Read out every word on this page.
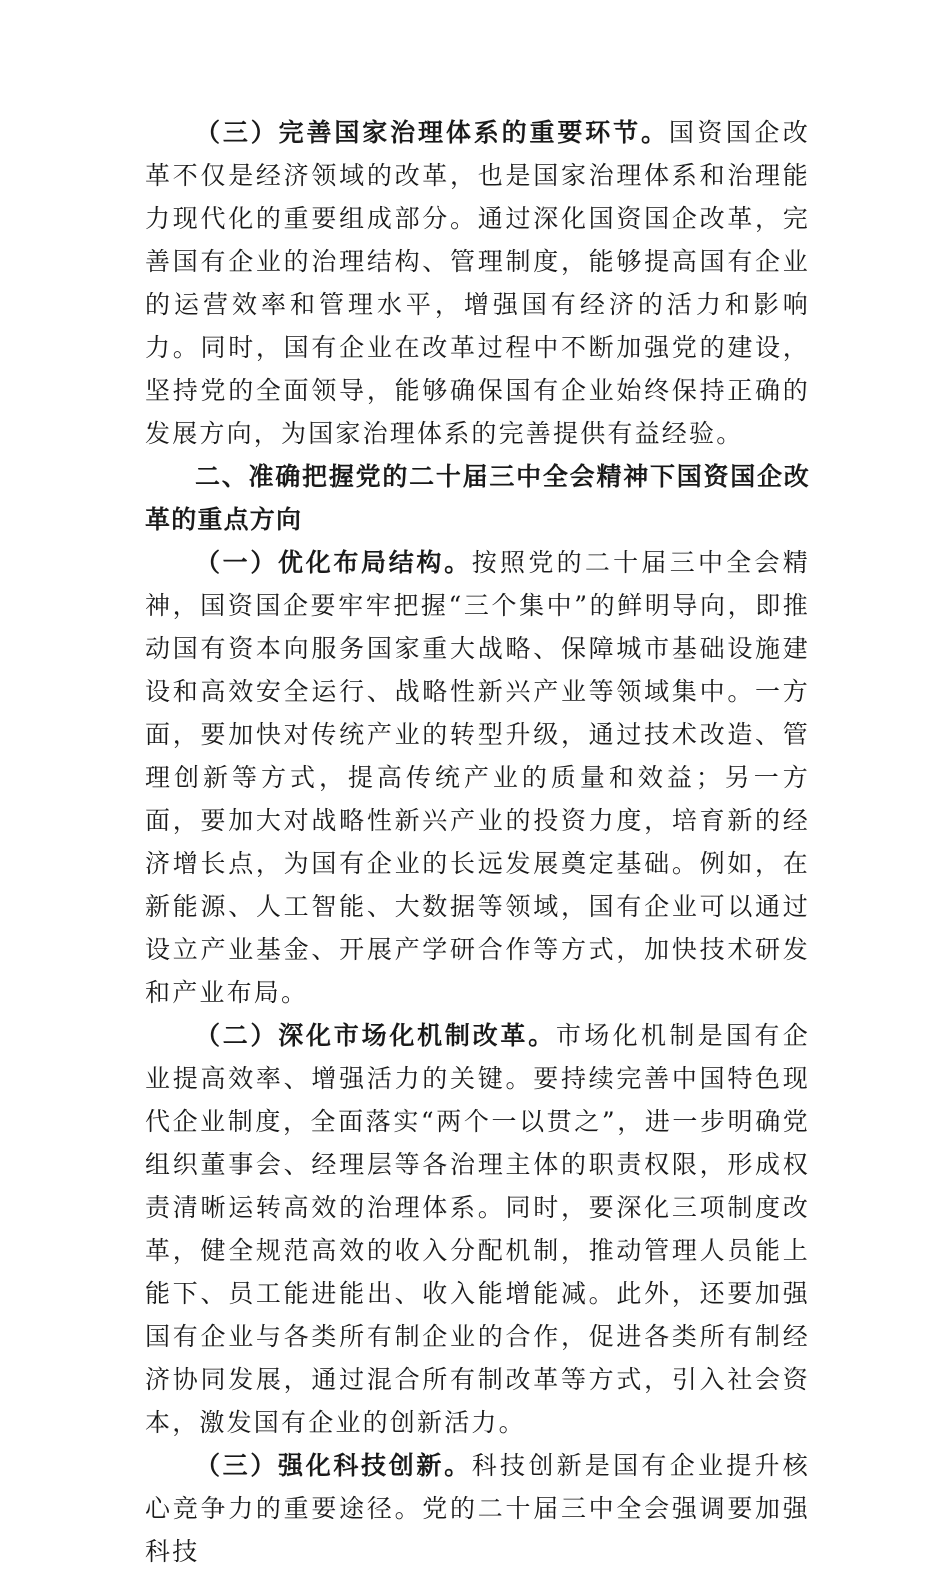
（三）完善国家治理体系的重要环节。国资国企改革不仅是经济领域的改革，也是国家治理体系和治理能力现代化的重要组成部分。通过深化国资国企改革，完善国有企业的治理结构、管理制度，能够提高国有企业的运营效率和管理水平，增强国有经济的活力和影响力。同时，国有企业在改革过程中不断加强党的建设，坚持党的全面领导，能够确保国有企业始终保持正确的发展方向，为国家治理体系的完善提供有益经验。

二、准确把握党的二十届三中全会精神下国资国企改革的重点方向

（一）优化布局结构。按照党的二十届三中全会精神，国资国企要牢牢把握“三个集中”的鲜明导向，即推动国有资本向服务国家重大战略、保障城市基础设施建设和高效安全运行、战略性新兴产业等领域集中。一方面，要加快对传统产业的转型升级，通过技术改造、管理创新等方式，提高传统产业的质量和效益；另一方面，要加大对战略性新兴产业的投资力度，培育新的经济增长点，为国有企业的长远发展奠定基础。例如，在新能源、人工智能、大数据等领域，国有企业可以通过设立产业基金、开展产学研合作等方式，加快技术研发和产业布局。

（二）深化市场化机制改革。市场化机制是国有企业提高效率、增强活力的关键。要持续完善中国特色现代企业制度，全面落实“两个一以贯之”，进一步明确党组织董事会、经理层等各治理主体的职责权限，形成权责清晰运转高效的治理体系。同时，要深化三项制度改革，健全规范高效的收入分配机制，推动管理人员能上能下、员工能进能出、收入能增能减。此外，还要加强国有企业与各类所有制企业的合作，促进各类所有制经济协同发展，通过混合所有制改革等方式，引入社会资本，激发国有企业的创新活力。

（三）强化科技创新。科技创新是国有企业提升核心竞争力的重要途径。党的二十届三中全会强调要加强科技
